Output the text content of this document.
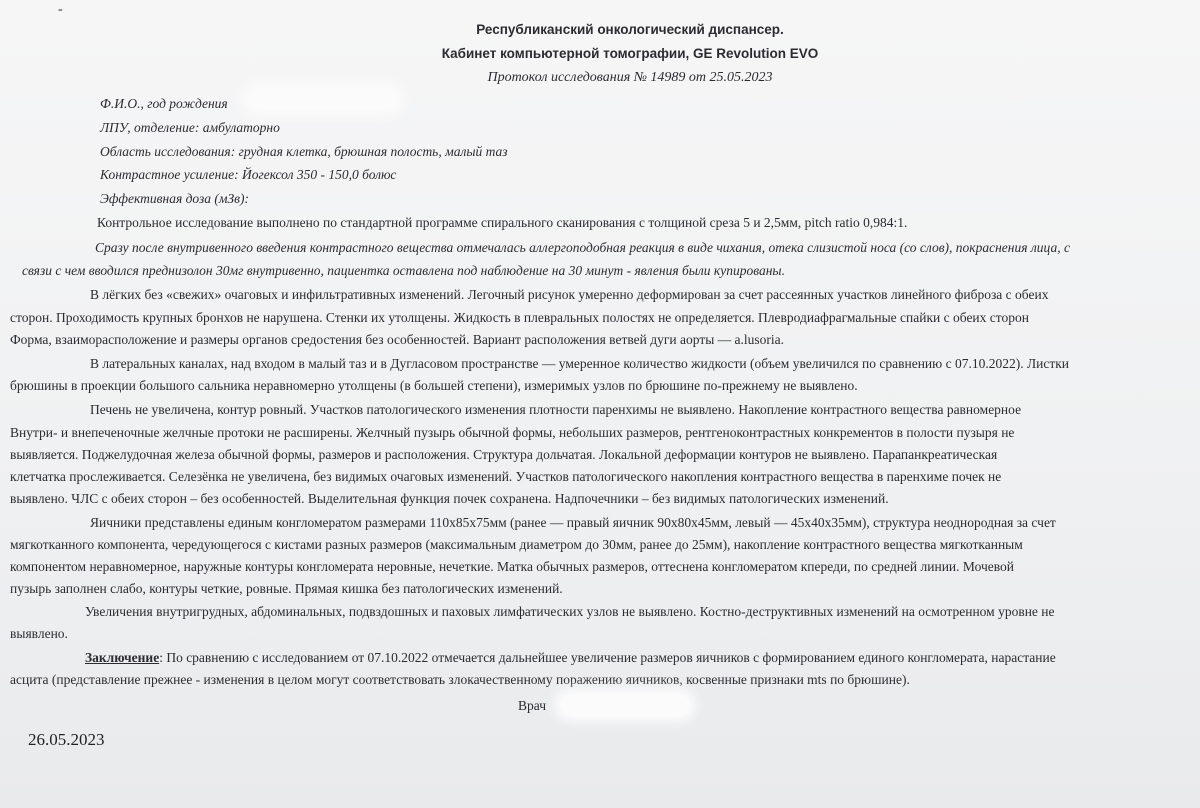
-
Республиканский онкологический диспансер.
Кабинет компьютерной томографии, GE Revolution EVO
Протокол исследования № 14989 от 25.05.2023
Ф.И.О., год рождения
ЛПУ, отделение: амбулаторно
Область исследования: грудная клетка, брюшная полость, малый таз
Контрастное усиление: Йогексол 350 - 150,0 болюс
Эффективная доза (мЗв):
Контрольное исследование выполнено по стандартной программе спирального сканирования с толщиной среза 5 и 2,5мм, pitch ratio 0,984:1.
Сразу после внутривенного введения контрастного вещества отмечалась аллергоподобная реакция в виде чихания, отека слизистой носа (со слов), покраснения лица, с
связи с чем вводился преднизолон 30мг внутривенно, пациентка оставлена под наблюдение на 30 минут - явления были купированы.
В лёгких без «свежих» очаговых и инфильтративных изменений. Легочный рисунок умеренно деформирован за счет рассеянных участков линейного фиброза с обеих
сторон. Проходимость крупных бронхов не нарушена. Стенки их утолщены. Жидкость в плевральных полостях не определяется. Плевродиафрагмальные спайки с обеих сторон
Форма, взаиморасположение и размеры органов средостения без особенностей. Вариант расположения ветвей дуги аорты — a.lusoria.
В латеральных каналах, над входом в малый таз и в Дугласовом пространстве — умеренное количество жидкости (объем увеличился по сравнению с 07.10.2022). Листки
брюшины в проекции большого сальника неравномерно утолщены (в большей степени), измеримых узлов по брюшине по-прежнему не выявлено.
Печень не увеличена, контур ровный. Участков патологического изменения плотности паренхимы не выявлено. Накопление контрастного вещества равномерное
Внутри- и внепеченочные желчные протоки не расширены. Желчный пузырь обычной формы, небольших размеров, рентгеноконтрастных конкрементов в полости пузыря не
выявляется. Поджелудочная железа обычной формы, размеров и расположения. Структура дольчатая. Локальной деформации контуров не выявлено. Парапанкреатическая
клетчатка прослеживается. Селезёнка не увеличена, без видимых очаговых изменений. Участков патологического накопления контрастного вещества в паренхиме почек не
выявлено. ЧЛС с обеих сторон – без особенностей. Выделительная функция почек сохранена. Надпочечники – без видимых патологических изменений.
Яичники представлены единым конгломератом размерами 110х85х75мм (ранее — правый яичник 90х80х45мм, левый — 45х40х35мм), структура неоднородная за счет
мягкотканного компонента, чередующегося с кистами разных размеров (максимальным диаметром до 30мм, ранее до 25мм), накопление контрастного вещества мягкотканным
компонентом неравномерное, наружные контуры конгломерата неровные, нечеткие. Матка обычных размеров, оттеснена конгломератом кпереди, по средней линии. Мочевой
пузырь заполнен слабо, контуры четкие, ровные. Прямая кишка без патологических изменений.
Увеличения внутригрудных, абдоминальных, подвздошных и паховых лимфатических узлов не выявлено. Костно-деструктивных изменений на осмотренном уровне не
выявлено.
Заключение: По сравнению с исследованием от 07.10.2022 отмечается дальнейшее увеличение размеров яичников с формированием единого конгломерата, нарастание
асцита (представление прежнее - изменения в целом могут соответствовать злокачественному поражению яичников, косвенные признаки mts по брюшине).
Врач
26.05.2023
